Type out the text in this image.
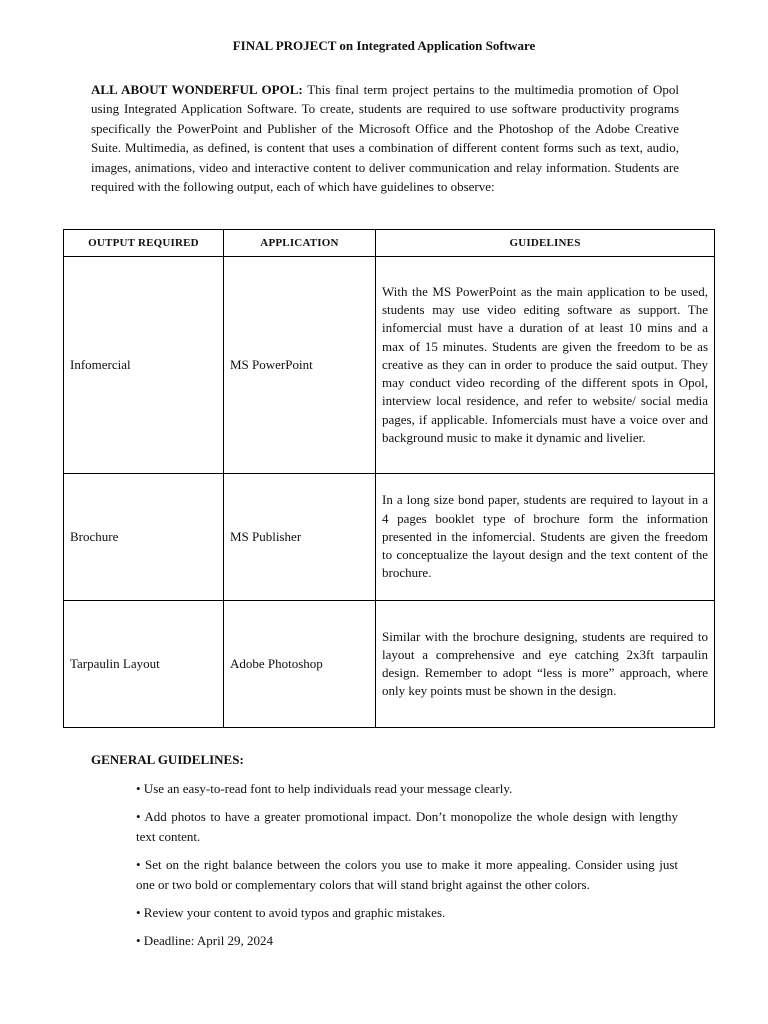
FINAL PROJECT on Integrated Application Software

ALL ABOUT WONDERFUL OPOL: This final term project pertains to the multimedia promotion of Opol using Integrated Application Software. To create, students are required to use software productivity programs specifically the PowerPoint and Publisher of the Microsoft Office and the Photoshop of the Adobe Creative Suite. Multimedia, as defined, is content that uses a combination of different content forms such as text, audio, images, animations, video and interactive content to deliver communication and relay information. Students are required with the following output, each of which have guidelines to observe:

OUTPUT REQUIRED	APPLICATION	GUIDELINES
Infomercial	MS PowerPoint	With the MS PowerPoint as the main application to be used, students may use video editing software as support. The infomercial must have a duration of at least 10 mins and a max of 15 minutes. Students are given the freedom to be as creative as they can in order to produce the said output. They may conduct video recording of the different spots in Opol, interview local residence, and refer to website/ social media pages, if applicable. Infomercials must have a voice over and background music to make it dynamic and livelier.
Brochure	MS Publisher	In a long size bond paper, students are required to layout in a 4 pages booklet type of brochure form the information presented in the infomercial. Students are given the freedom to conceptualize the layout design and the text content of the brochure.
Tarpaulin Layout	Adobe Photoshop	Similar with the brochure designing, students are required to layout a comprehensive and eye catching 2x3ft tarpaulin design. Remember to adopt “less is more” approach, where only key points must be shown in the design.
GENERAL GUIDELINES:
• Use an easy-to-read font to help individuals read your message clearly.
• Add photos to have a greater promotional impact. Don’t monopolize the whole design with lengthy text content.
• Set on the right balance between the colors you use to make it more appealing. Consider using just one or two bold or complementary colors that will stand bright against the other colors.
• Review your content to avoid typos and graphic mistakes.
• Deadline: April 29, 2024
